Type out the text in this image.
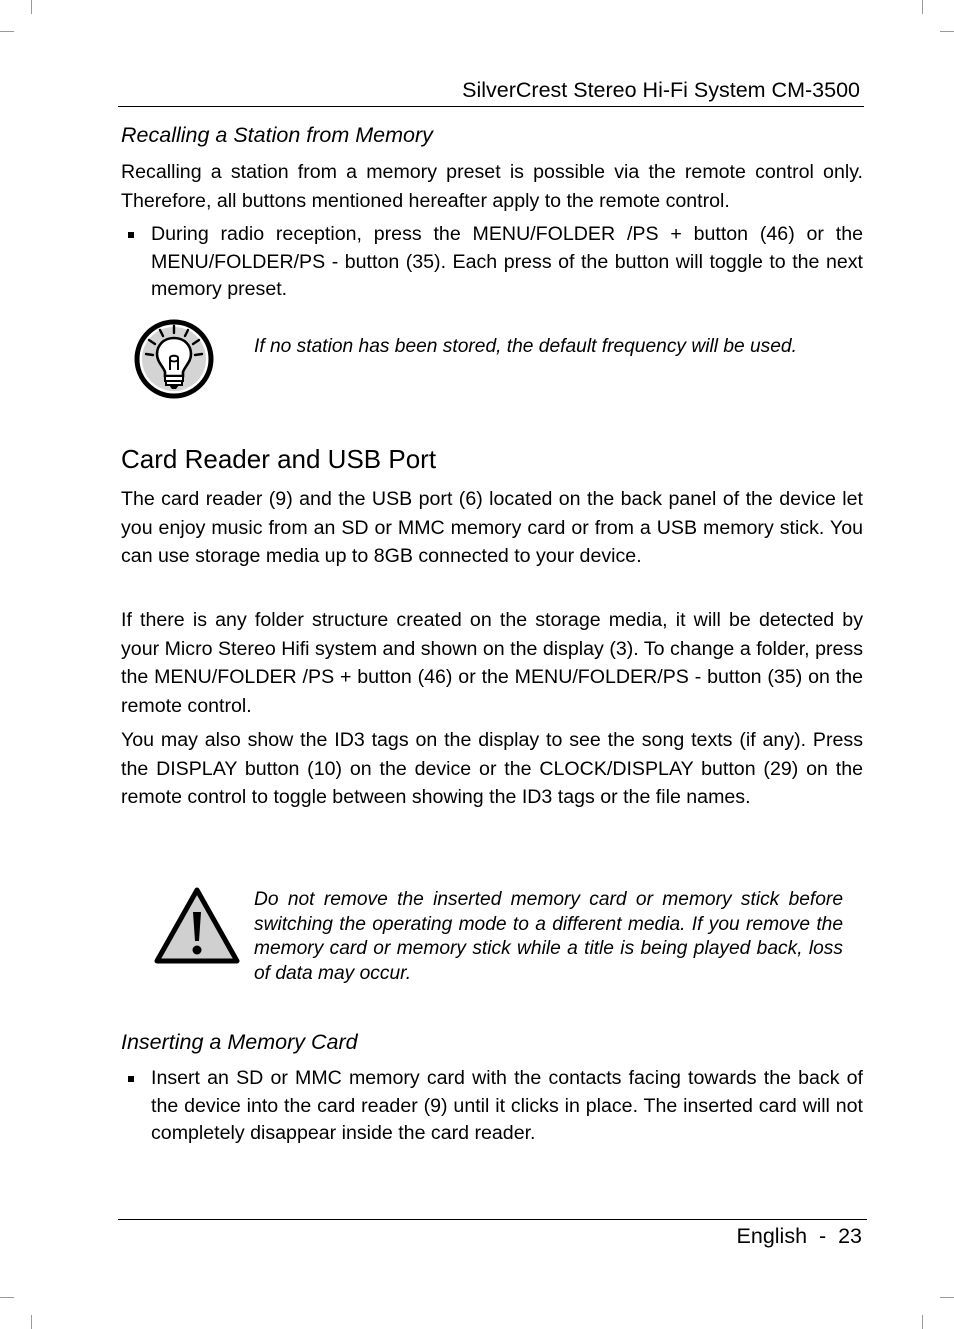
SilverCrest Stereo Hi-Fi System CM-3500
Recalling a Station from Memory

Recalling a station from a memory preset is possible via the remote control only. Therefore, all buttons mentioned hereafter apply to the remote control.

During radio reception, press the MENU/FOLDER /PS + button (46) or the MENU/FOLDER/PS - button (35). Each press of the button will toggle to the next memory preset.

Card Reader and USB Port

The card reader (9) and the USB port (6) located on the back panel of the device let you enjoy music from an SD or MMC memory card or from a USB memory stick. You can use storage media up to 8GB connected to your device.

If there is any folder structure created on the storage media, it will be detected by your Micro Stereo Hifi system and shown on the display (3). To change a folder, press the MENU/FOLDER /PS + button (46) or the MENU/FOLDER/PS - button (35) on the remote control.

You may also show the ID3 tags on the display to see the song texts (if any). Press the DISPLAY button (10) on the device or the CLOCK/DISPLAY button (29) on the remote control to toggle between showing the ID3 tags or the file names.

Inserting a Memory Card

Insert an SD or MMC memory card with the contacts facing towards the back of the device into the card reader (9) until it clicks in place. The inserted card will not completely disappear inside the card reader.

If no station has been stored, the default frequency will be used.

Do not remove the inserted memory card or memory stick before switching the operating mode to a different media. If you remove the memory card or memory stick while a title is being played back, loss of data may occur.

English  -  23
